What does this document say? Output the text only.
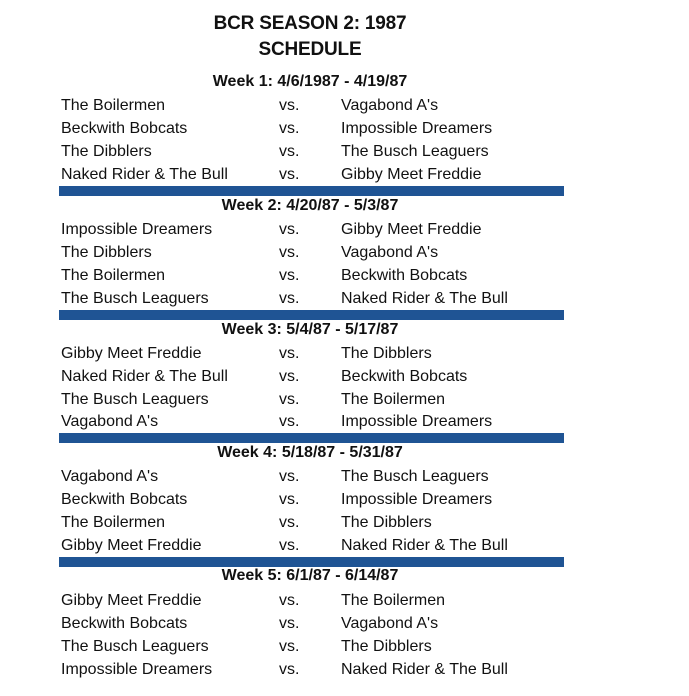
BCR SEASON 2: 1987
SCHEDULE
Week 1: 4/6/1987 - 4/19/87
The Boilermen	vs.	Vagabond A's
Beckwith Bobcats	vs.	Impossible Dreamers
The Dibblers	vs.	The Busch Leaguers
Naked Rider & The Bull	vs.	Gibby Meet Freddie
Week 2: 4/20/87 - 5/3/87
Impossible Dreamers	vs.	Gibby Meet Freddie
The Dibblers	vs.	Vagabond A's
The Boilermen	vs.	Beckwith Bobcats
The Busch Leaguers	vs.	Naked Rider & The Bull
Week 3: 5/4/87 - 5/17/87
Gibby Meet Freddie	vs.	The Dibblers
Naked Rider & The Bull	vs.	Beckwith Bobcats
The Busch Leaguers	vs.	The Boilermen
Vagabond A's	vs.	Impossible Dreamers
Week 4: 5/18/87 - 5/31/87
Vagabond A's	vs.	The Busch Leaguers
Beckwith Bobcats	vs.	Impossible Dreamers
The Boilermen	vs.	The Dibblers
Gibby Meet Freddie	vs.	Naked Rider & The Bull
Week 5: 6/1/87 - 6/14/87
Gibby Meet Freddie	vs.	The Boilermen
Beckwith Bobcats	vs.	Vagabond A's
The Busch Leaguers	vs.	The Dibblers
Impossible Dreamers	vs.	Naked Rider & The Bull
